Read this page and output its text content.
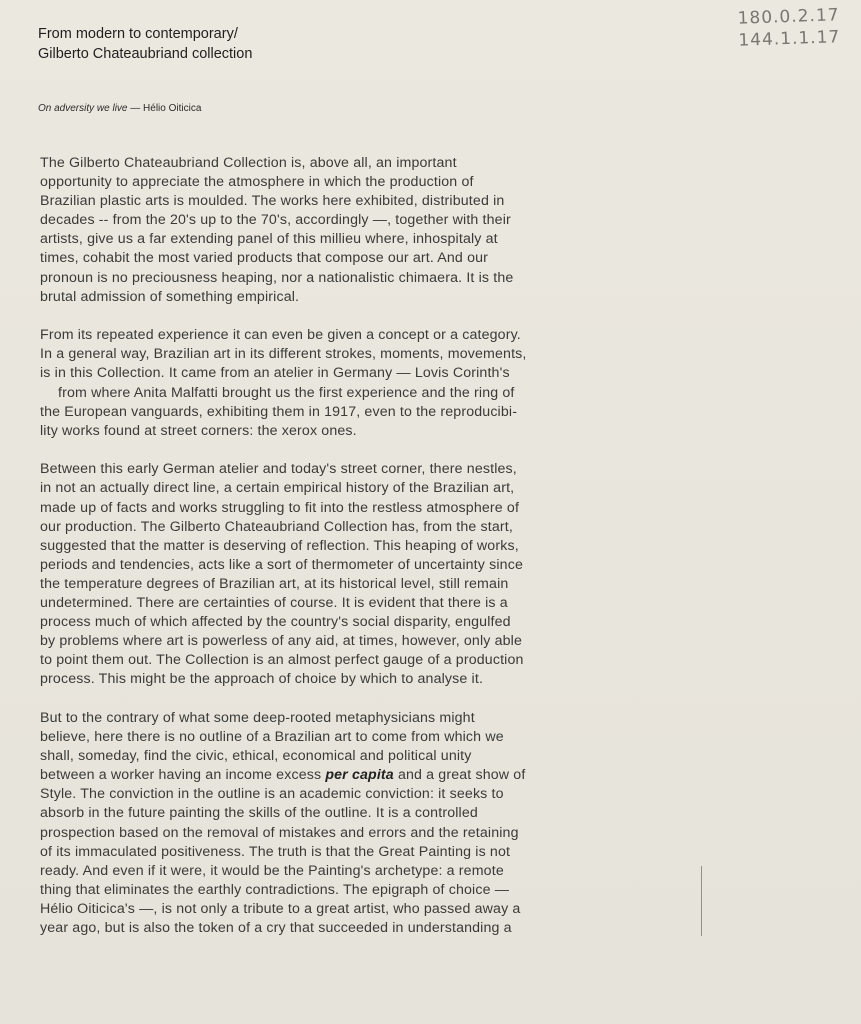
180.0.2.17
144.1.1.17
From modern to contemporary/
Gilberto Chateaubriand collection
On adversity we live — Hélio Oiticica

The Gilberto Chateaubriand Collection is, above all, an important
opportunity to appreciate the atmosphere in which the production of
Brazilian plastic arts is moulded. The works here exhibited, distributed in
decades -- from the 20's up to the 70's, accordingly —, together with their
artists, give us a far extending panel of this millieu where, inhospitaly at
times, cohabit the most varied products that compose our art. And our
pronoun is no preciousness heaping, nor a nationalistic chimaera. It is the
brutal admission of something empirical.

From its repeated experience it can even be given a concept or a category.
In a general way, Brazilian art in its different strokes, moments, movements,
is in this Collection. It came from an atelier in Germany — Lovis Corinth's
from where Anita Malfatti brought us the first experience and the ring of
the European vanguards, exhibiting them in 1917, even to the reproducibi-
lity works found at street corners: the xerox ones.

Between this early German atelier and today's street corner, there nestles,
in not an actually direct line, a certain empirical history of the Brazilian art,
made up of facts and works struggling to fit into the restless atmosphere of
our production. The Gilberto Chateaubriand Collection has, from the start,
suggested that the matter is deserving of reflection. This heaping of works,
periods and tendencies, acts like a sort of thermometer of uncertainty since
the temperature degrees of Brazilian art, at its historical level, still remain
undetermined. There are certainties of course. It is evident that there is a
process much of which affected by the country's social disparity, engulfed
by problems where art is powerless of any aid, at times, however, only able
to point them out. The Collection is an almost perfect gauge of a production
process. This might be the approach of choice by which to analyse it.

But to the contrary of what some deep-rooted metaphysicians might
believe, here there is no outline of a Brazilian art to come from which we
shall, someday, find the civic, ethical, economical and political unity
between a worker having an income excess per capita and a great show of
Style. The conviction in the outline is an academic conviction: it seeks to
absorb in the future painting the skills of the outline. It is a controlled
prospection based on the removal of mistakes and errors and the retaining
of its immaculated positiveness. The truth is that the Great Painting is not
ready. And even if it were, it would be the Painting's archetype: a remote
thing that eliminates the earthly contradictions. The epigraph of choice —
Hélio Oiticica's —, is not only a tribute to a great artist, who passed away a
year ago, but is also the token of a cry that succeeded in understanding a
